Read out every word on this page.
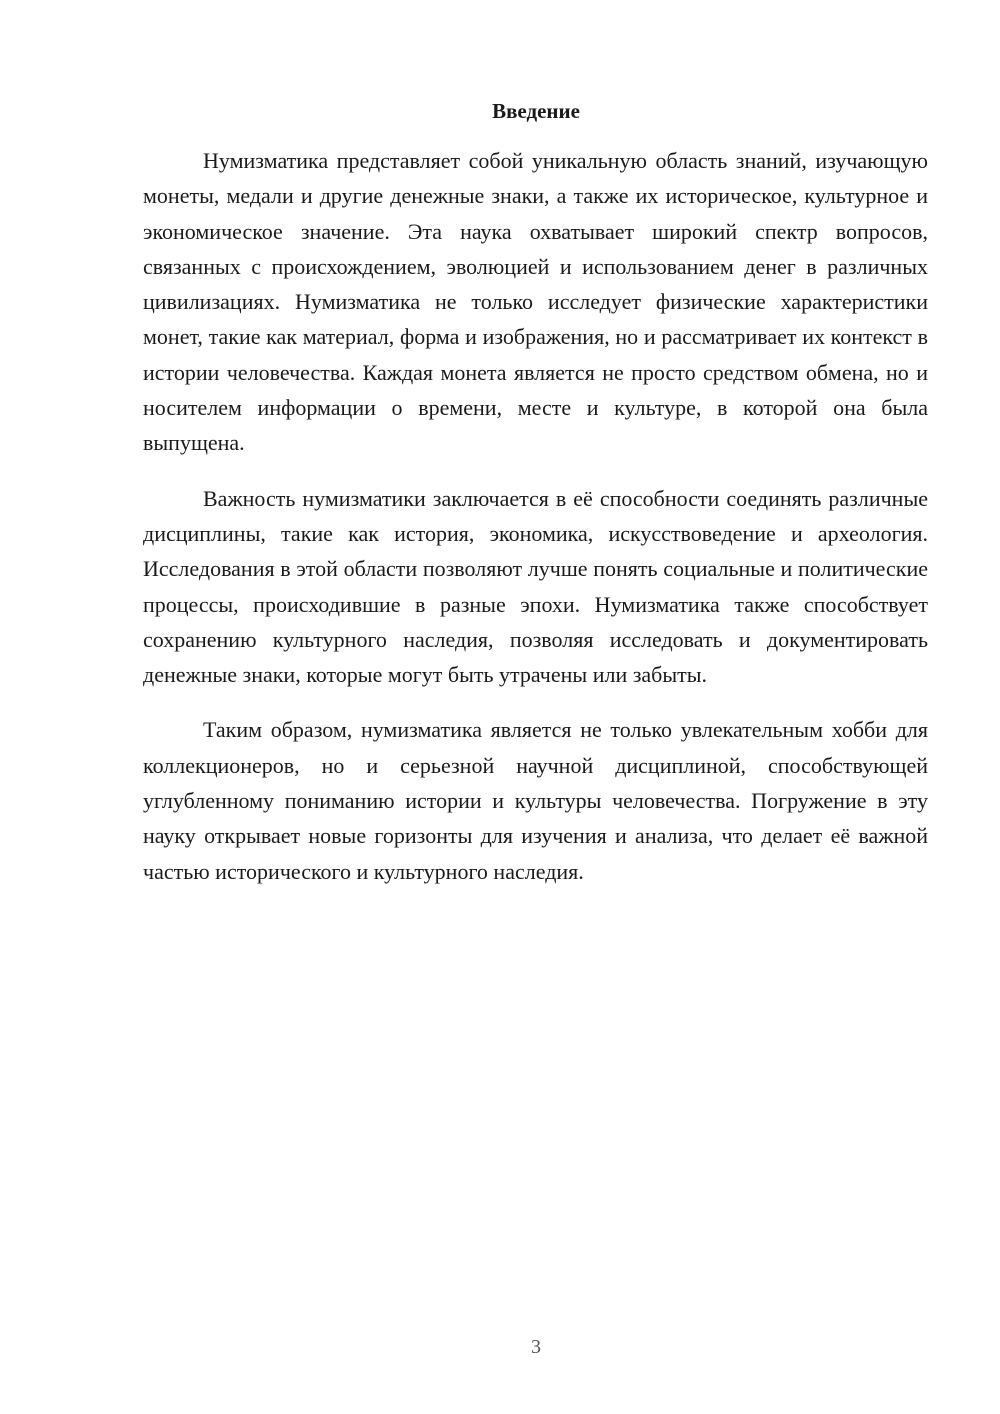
Введение

Нумизматика представляет собой уникальную область знаний, изучающую монеты, медали и другие денежные знаки, а также их историческое, культурное и экономическое значение. Эта наука охватывает широкий спектр вопросов, связанных с происхождением, эволюцией и использованием денег в различных цивилизациях. Нумизматика не только исследует физические характеристики монет, такие как материал, форма и изображения, но и рассматривает их контекст в истории человечества. Каждая монета является не просто средством обмена, но и носителем информации о времени, месте и культуре, в которой она была выпущена.

Важность нумизматики заключается в её способности соединять различные дисциплины, такие как история, экономика, искусствоведение и археология. Исследования в этой области позволяют лучше понять социальные и политические процессы, происходившие в разные эпохи. Нумизматика также способствует сохранению культурного наследия, позволяя исследовать и документировать денежные знаки, которые могут быть утрачены или забыты.

Таким образом, нумизматика является не только увлекательным хобби для коллекционеров, но и серьезной научной дисциплиной, способствующей углубленному пониманию истории и культуры человечества. Погружение в эту науку открывает новые горизонты для изучения и анализа, что делает её важной частью исторического и культурного наследия.

3
